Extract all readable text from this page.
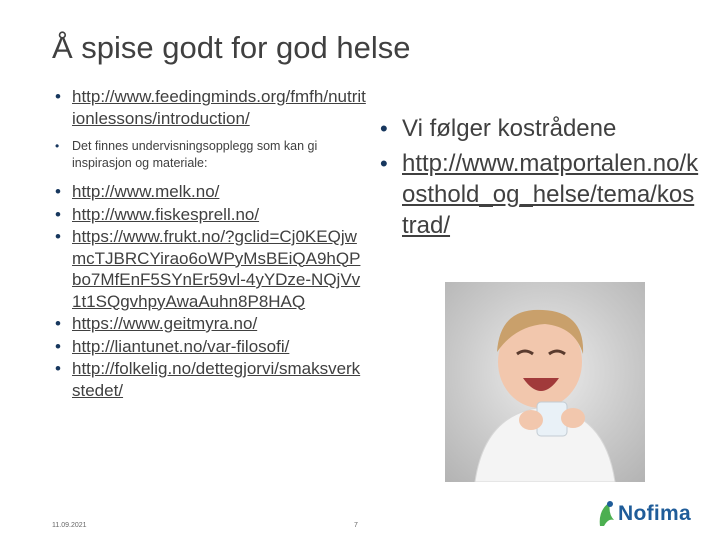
Å spise godt for god helse
• http://www.feedingminds.org/fmfh/nutritionlessons/introduction/
• Det finnes undervisningsopplegg som kan gi inspirasjon og materiale:
• http://www.melk.no/
• http://www.fiskesprell.no/
• https://www.frukt.no/?gclid=Cj0KEQjwmcTJBRCYirao6oWPyMsBEiQA9hQPbo7MfEnF5SYnEr59vl-4yYDze-NQjVv1t1SQgvhpyAwaAuhn8P8HAQ
• https://www.geitmyra.no/
• http://liantunet.no/var-filosofi/
• http://folkelig.no/dettegjorvi/smaksverkstedet/
• Vi følger kostrådene
• http://www.matportalen.no/kosthold_og_helse/tema/kostrad/
11.09.2021	7
Nofima
